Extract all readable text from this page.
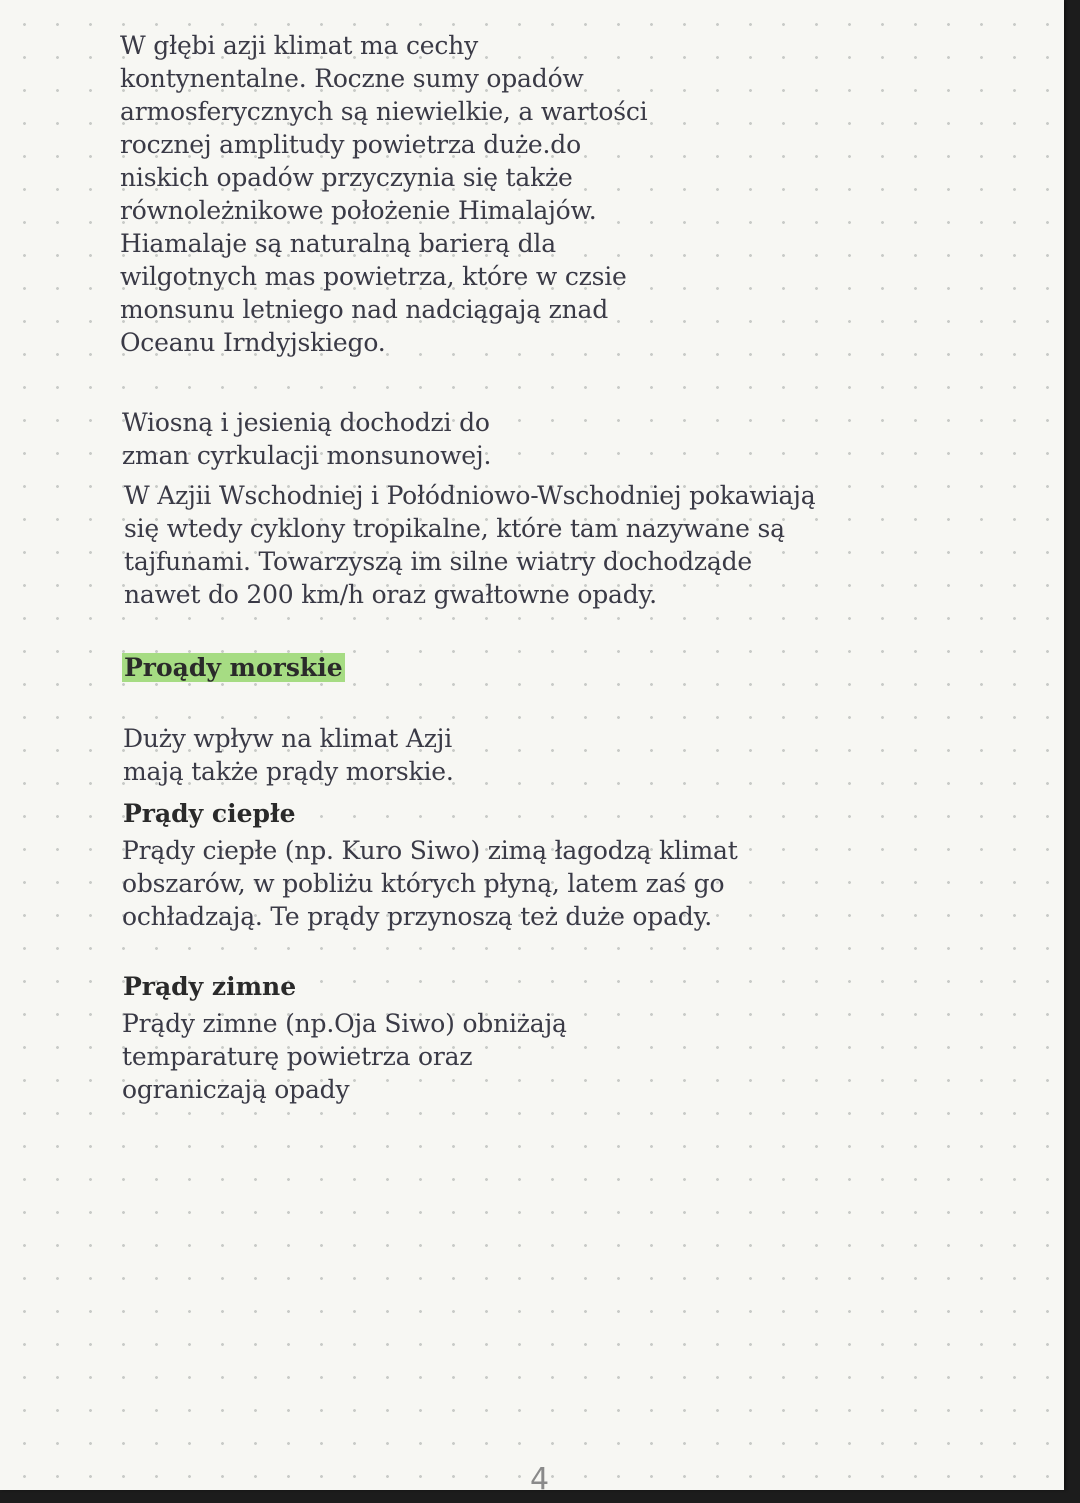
W głębi azji klimat ma cechy
kontynentalne. Roczne sumy opadów
armosferycznych są niewielkie, a wartości
rocznej amplitudy powietrza duże.do
niskich opadów przyczynia się także
równoleżnikowe położenie Himalajów.
Hiamalaje są naturalną barierą dla
wilgotnych mas powietrza, które w czsie
monsunu letniego nad nadciągają znad
Oceanu Irndyjskiego.

Wiosną i jesienią dochodzi do
zman cyrkulacji monsunowej.

W Azjii Wschodniej i Połódniowo-Wschodniej pokawiają
się wtedy cyklony tropikalne, które tam nazywane są
tajfunami. Towarzyszą im silne wiatry dochodząde
nawet do 200 km/h oraz gwałtowne opady.

Proądy morskie

Duży wpływ na klimat Azji
mają także prądy morskie.

Prądy ciepłe

Prądy ciepłe (np. Kuro Siwo) zimą łagodzą klimat
obszarów, w pobliżu których płyną, latem zaś go
ochładzają. Te prądy przynoszą też duże opady.

Prądy zimne

Prądy zimne (np.Oja Siwo) obniżają
temparaturę powietrza oraz
ograniczają opady

4
